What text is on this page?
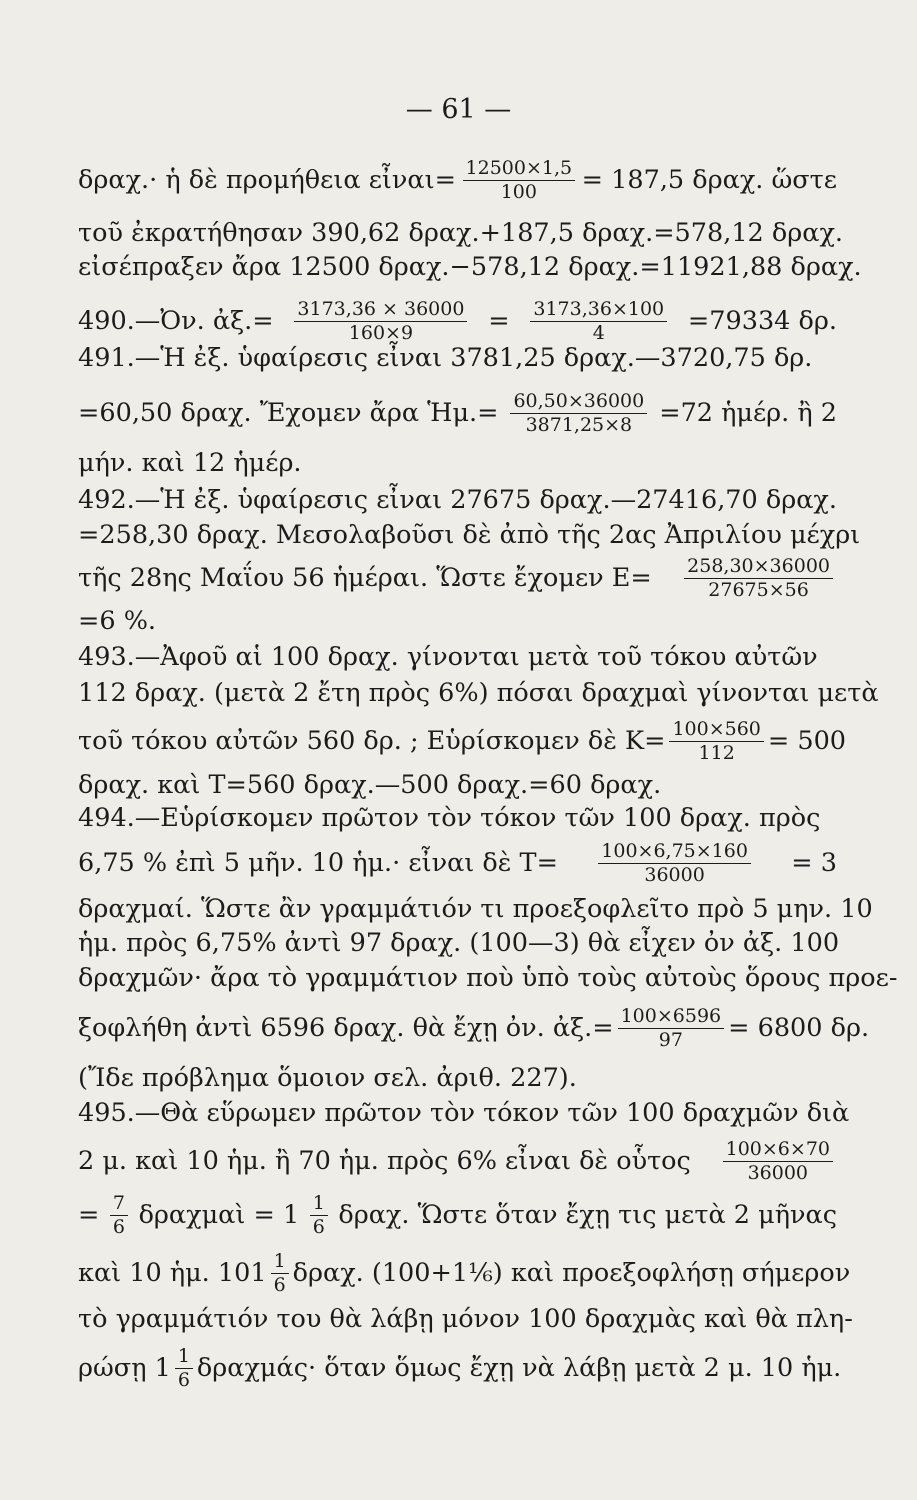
— 61 —
δραχ.· ἡ δὲ προμήθεια εἶναι= $\frac{12500\times 1,5}{100} = 187,5$ δραχ. ὥστε
τοῦ ἐκρατήθησαν 390,62 δραχ.+187,5 δραχ.=578,12 δραχ.
εἰσέπραξεν ἄρα 12500 δραχ.−578,12 δραχ.=11921,88 δραχ.
490.—Ὀν. ἀξ.= $\frac{3173,36 \times 36000}{160\times 9} = \frac{3173,36\times 100}{4} =79334$ δρ.
491.—Ἡ ἐξ. ὑφαίρεσις εἶναι 3781,25 δραχ.—3720,75 δρ.
=60,50 δραχ. Ἔχομεν ἄρα Ἡμ.= $\frac{60,50\times 36000}{3871,25\times 8} =72$ ἡμέρ. ἢ 2
μήν. καὶ 12 ἡμέρ.
492.—Ἡ ἐξ. ὑφαίρεσις εἶναι 27675 δραχ.—27416,70 δραχ.
=258,30 δραχ. Μεσολαβοῦσι δὲ ἀπὸ τῆς 2ας Ἀπριλίου μέχρι
τῆς 28ης Μαΐου 56 ἡμέραι. Ὥστε ἔχομεν $E= \frac{258,30\times 36000}{27675\times 56}$
=6 %.
493.—Ἀφοῦ αἱ 100 δραχ. γίνονται μετὰ τοῦ τόκου αὐτῶν
112 δραχ. (μετὰ 2 ἔτη πρὸς 6%) πόσαι δραχμαὶ γίνονται μετὰ
τοῦ τόκου αὐτῶν 560 δρ. ; Εὑρίσκομεν δὲ $K= \frac{100\times 560}{112} = 500$
δραχ. καὶ Τ=560 δραχ.—500 δραχ.=60 δραχ.
494.—Εὑρίσκομεν πρῶτον τὸν τόκον τῶν 100 δραχ. πρὸς
6,75 % ἐπὶ 5 μῆν. 10 ἡμ.· εἶναι δὲ $T= \frac{100\times 6,75\times 160}{36000} = 3$
δραχμαί. Ὥστε ἂν γραμμάτιόν τι προεξοφλεῖτο πρὸ 5 μην. 10
ἡμ. πρὸς 6,75% ἀντὶ 97 δραχ. (100—3) θὰ εἶχεν ὀν ἀξ. 100
δραχμῶν· ἄρα τὸ γραμμάτιον ποὺ ὑπὸ τοὺς αὐτοὺς ὅρους προε-
ξοφλήθη ἀντὶ 6596 δραχ. θὰ ἔχῃ ὀν. ἀξ.= $\frac{100\times 6596}{97} = 6800$ δρ.
(Ἴδε πρόβλημα ὅμοιον σελ. ἀριθ. 227).
495.—Θὰ εὕρωμεν πρῶτον τὸν τόκον τῶν 100 δραχμῶν διὰ
2 μ. καὶ 10 ἡμ. ἢ 70 ἡμ. πρὸς 6% εἶναι δὲ οὗτος $\frac{100\times 6\times 70}{36000}$
= $\frac{7}{6}$ δραχμαὶ = $1 \frac{1}{6} \delta\rho\alpha\chi$. Ὥστε ὅταν ἔχῃ τις μετὰ 2 μῆνας
καὶ 10 ἡμ. $101 \frac{1}{6} \delta\rho\alpha\chi$. (100+1⅙) καὶ προεξοφλήσῃ σήμερον
τὸ γραμμάτιόν του θὰ λάβῃ μόνον 100 δραχμὰς καὶ θὰ πλη-
ρώσῃ $1 \frac{1}{6} \delta\rho\alpha\chi\mu ά\varsigma\cdot$ ὅταν ὅμως ἔχῃ νὰ λάβῃ μετὰ 2 μ. 10 ἡμ.
